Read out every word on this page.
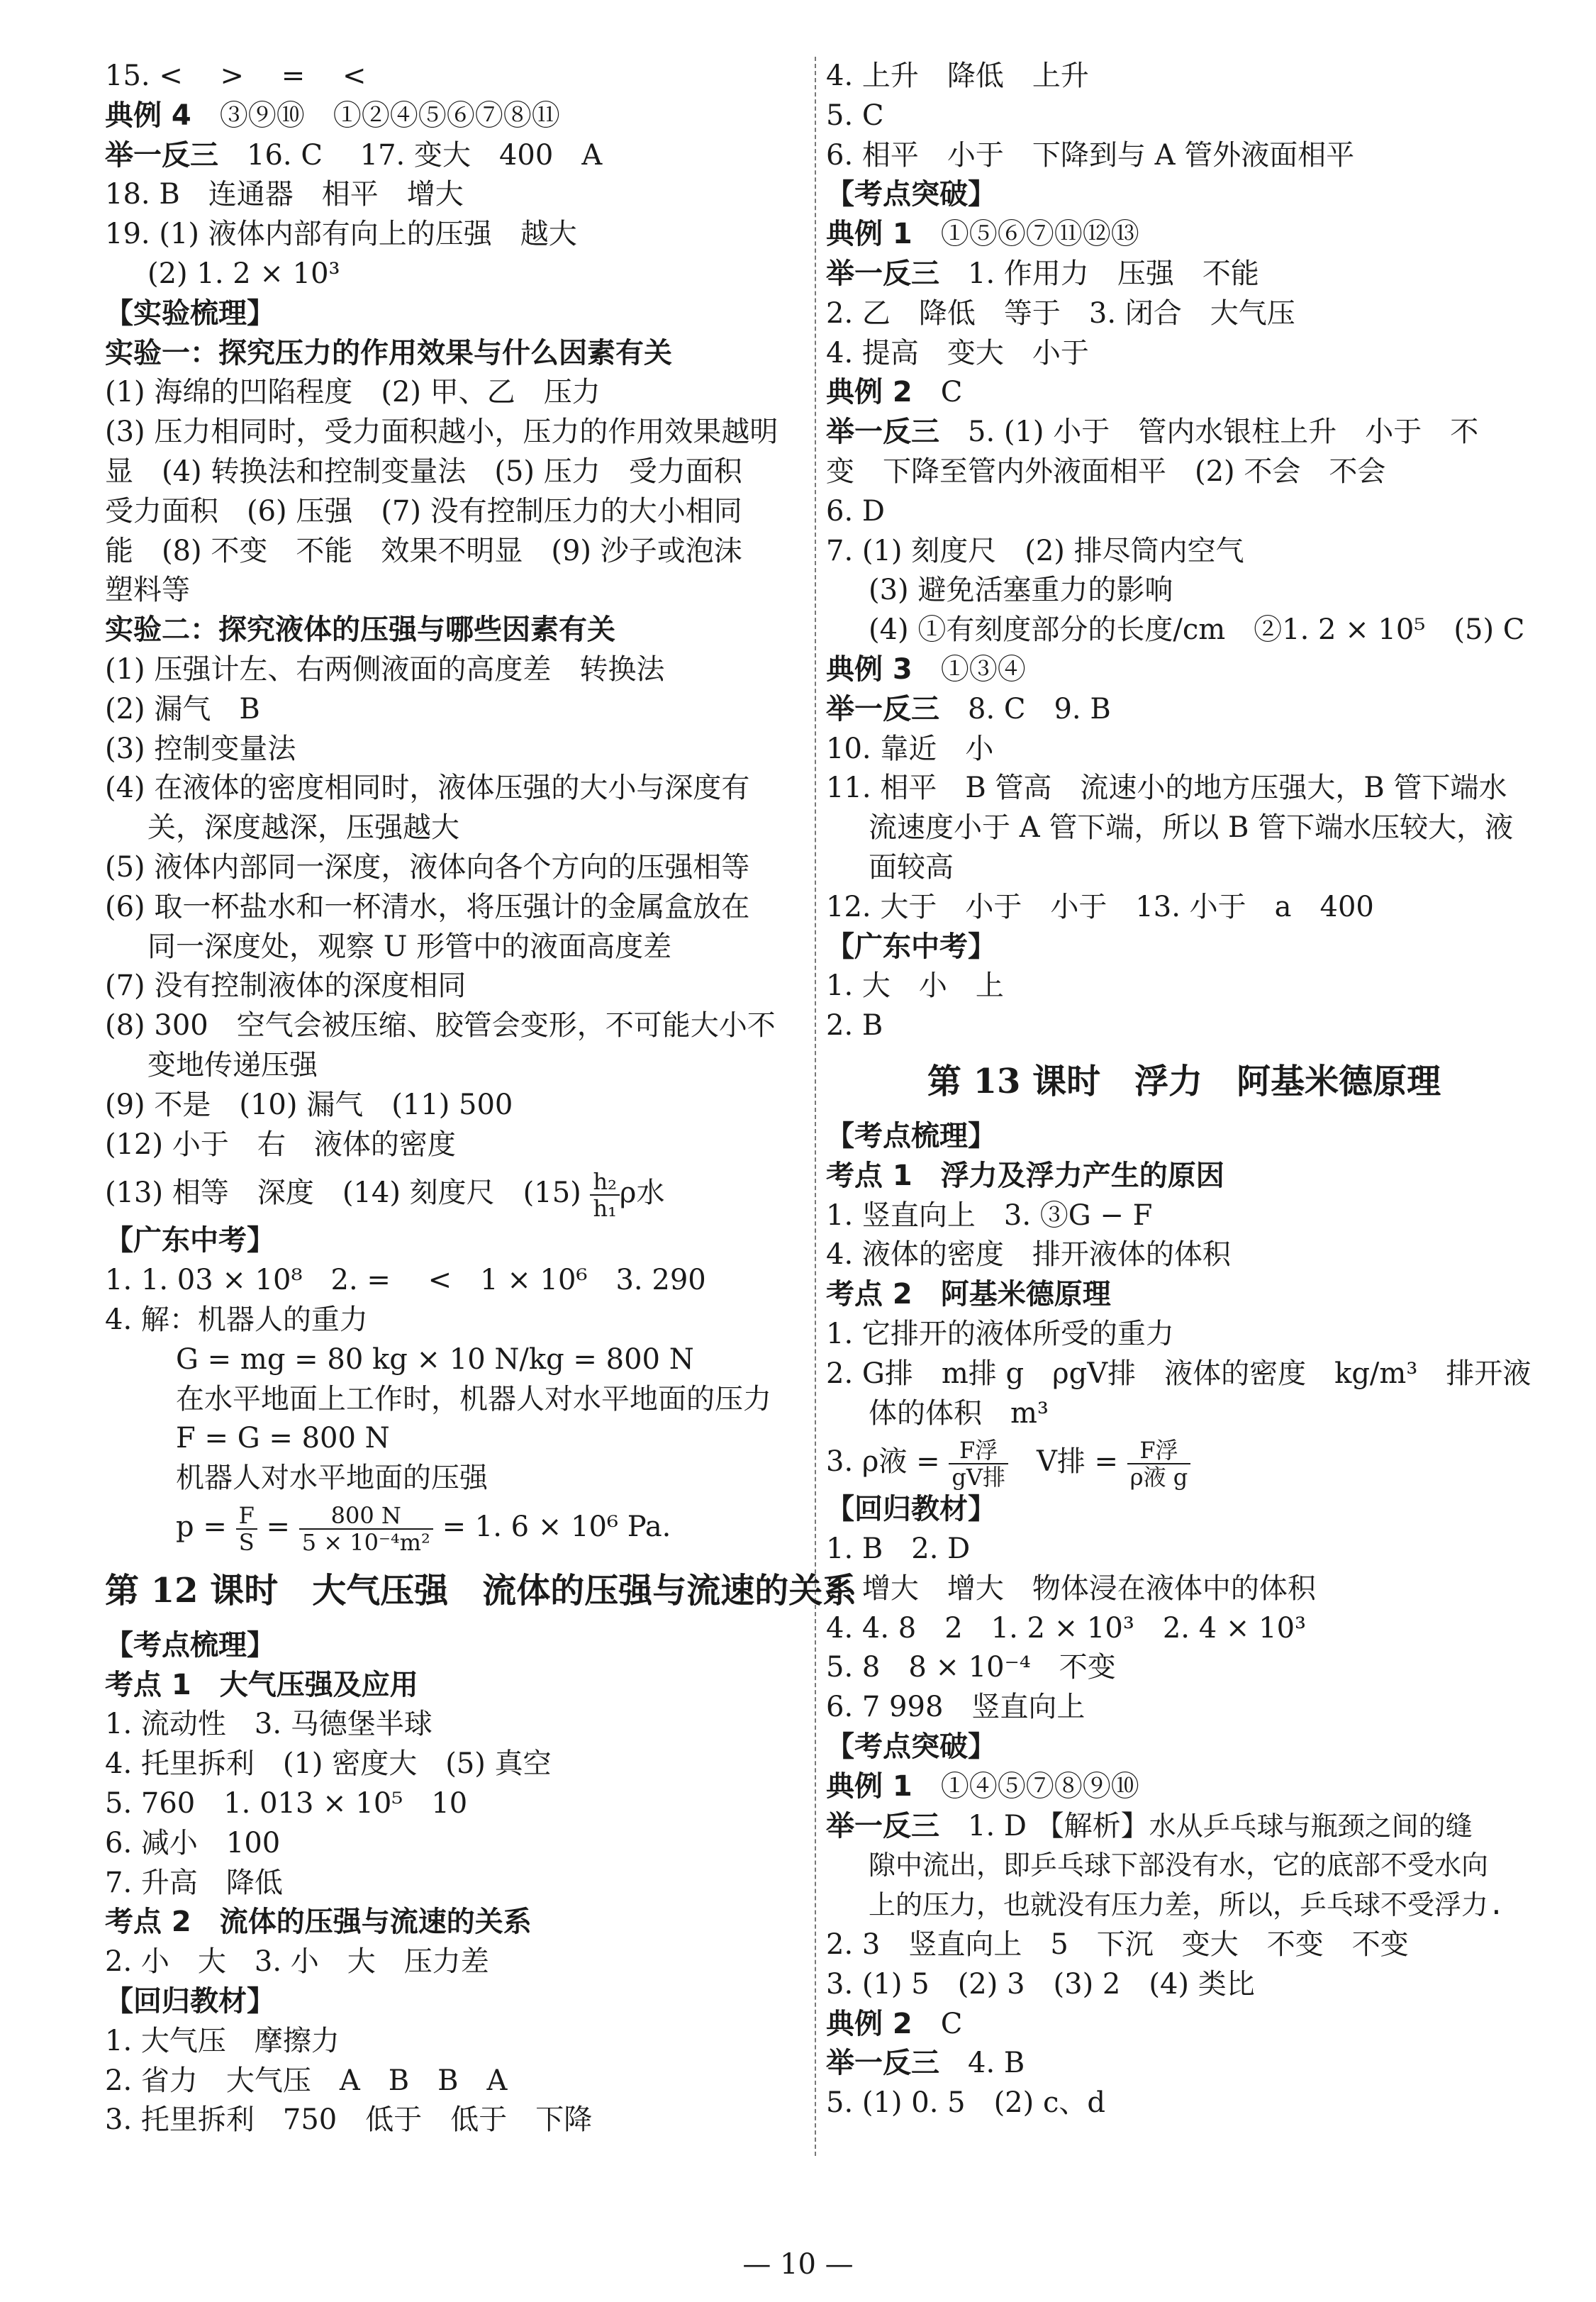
15. <　 >　 =　 <
典例 4　③⑨⑩　①②④⑤⑥⑦⑧⑪
举一反三　16. C　 17. 变大　400　A
18. B　连通器　相平　增大
19. (1) 液体内部有向上的压强　越大
(2) 1. 2 × 10³
【实验梳理】
实验一：探究压力的作用效果与什么因素有关
(1) 海绵的凹陷程度　(2) 甲、乙　压力
(3) 压力相同时，受力面积越小，压力的作用效果越明
显　(4) 转换法和控制变量法　(5) 压力　受力面积
受力面积　(6) 压强　(7) 没有控制压力的大小相同
能　(8) 不变　不能　效果不明显　(9) 沙子或泡沫
塑料等
实验二：探究液体的压强与哪些因素有关
(1) 压强计左、右两侧液面的高度差　转换法
(2) 漏气　B
(3) 控制变量法
(4) 在液体的密度相同时，液体压强的大小与深度有
关，深度越深，压强越大
(5) 液体内部同一深度，液体向各个方向的压强相等
(6) 取一杯盐水和一杯清水，将压强计的金属盒放在
同一深度处，观察 U 形管中的液面高度差
(7) 没有控制液体的深度相同
(8) 300　空气会被压缩、胶管会变形，不可能大小不
变地传递压强
(9) 不是　(10) 漏气　(11) 500
(12) 小于　右　液体的密度
(13) 相等　深度　(14) 刻度尺　$(15) \frac{\text{h₂}}{\text{h₁}}$ ρ水
【广东中考】
1. 1. 03 × 10⁸　2. =　 <　1 × 10⁶　3. 290
4. 解：机器人的重力
G = mg = 80 kg × 10 N/kg = 800 N
在水平地面上工作时，机器人对水平地面的压力
F = G = 800 N
机器人对水平地面的压强
$p = \frac{F}{S} = \frac{800 N}{\text{5 × 10⁻⁴m²}} = 1$. 6 × 10⁶ Pa.
第 12 课时　大气压强　流体的压强与流速的关系
【考点梳理】
考点 1　大气压强及应用
1. 流动性　3. 马德堡半球
4. 托里拆利　(1) 密度大　(5) 真空
5. 760　1. 013 × 10⁵　10
6. 减小　100
7. 升高　降低
考点 2　流体的压强与流速的关系
2. 小　大　3. 小　大　压力差
【回归教材】
1. 大气压　摩擦力
2. 省力　大气压　A　B　B　A
3. 托里拆利　750　低于　低于　下降
4. 上升　降低　上升
5. C
6. 相平　小于　下降到与 A 管外液面相平
【考点突破】
典例 1　①⑤⑥⑦⑪⑫⑬
举一反三　1. 作用力　压强　不能
2. 乙　降低　等于　3. 闭合　大气压
4. 提高　变大　小于
典例 2　C
举一反三　5. (1) 小于　管内水银柱上升　小于　不
变　下降至管内外液面相平　(2) 不会　不会
6. D
7. (1) 刻度尺　(2) 排尽筒内空气
(3) 避免活塞重力的影响
(4) ①有刻度部分的长度/cm　②1. 2 × 10⁵　(5) C
典例 3　①③④
举一反三　8. C　9. B
10. 靠近　小
11. 相平　B 管高　流速小的地方压强大，B 管下端水
流速度小于 A 管下端，所以 B 管下端水压较大，液
面较高
12. 大于　小于　小于　13. 小于　a　400
【广东中考】
1. 大　小　上
2. B
第 13 课时　浮力　阿基米德原理
【考点梳理】
考点 1　浮力及浮力产生的原因
1. 竖直向上　3. ③G − F
4. 液体的密度　排开液体的体积
考点 2　阿基米德原理
1. 它排开的液体所受的重力
2. G排　m排 g　ρgV排　液体的密度　kg/m³　排开液
体的体积　m³
3. ρ液 = $\frac{\text{F浮}}{\text{gV排}}$
　 V排 = $\frac{\text{F浮}}{\text{ρ液 g}}$
【回归教材】
1. B　2. D
3. 增大　增大　物体浸在液体中的体积
4. 4. 8　2　1. 2 × 10³　2. 4 × 10³
5. 8　8 × 10⁻⁴　不变
6. 7 998　竖直向上
【考点突破】
典例 1　①④⑤⑦⑧⑨⑩
举一反三　1. D 【解析】水从乒乓球与瓶颈之间的缝
隙中流出，即乒乓球下部没有水，它的底部不受水向
上的压力，也就没有压力差，所以，乒乓球不受浮力.
2. 3　竖直向上　5　下沉　变大　不变　不变
3. (1) 5　(2) 3　(3) 2　(4) 类比
典例 2　C
举一反三　4. B
5. (1) 0. 5　(2) c、d
— 10 —
